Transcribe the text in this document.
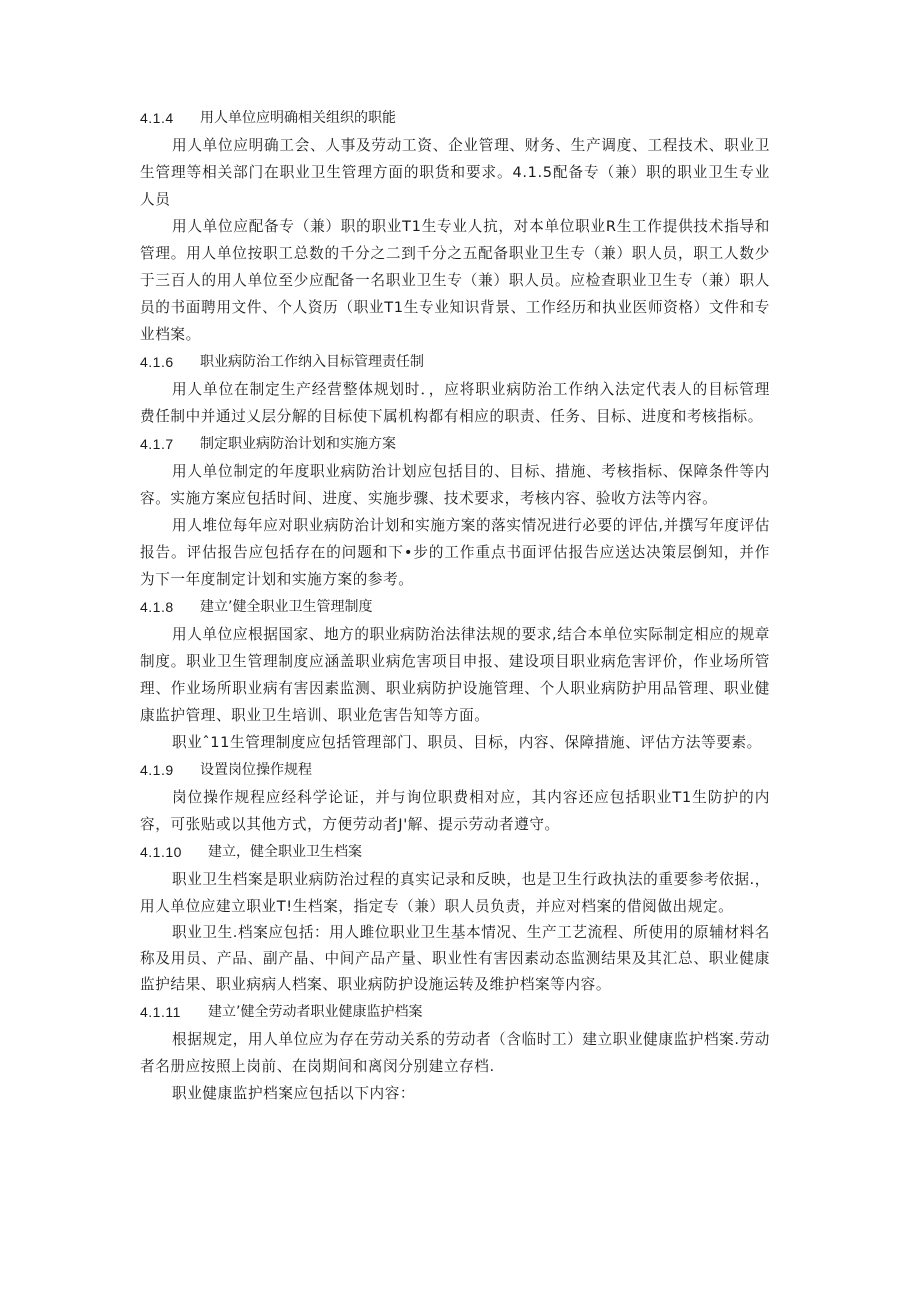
4.1.4	用人单位应明确相关组织的职能

用人单位应明确工会、人事及劳动工资、企业管理、财务、生产调度、工程技术、职业卫生管理等相关部门在职业卫生管理方面的职货和要求。4.1.5配备专（兼）职的职业卫生专业人员

用人单位应配备专（兼）职的职业T1生专业人抗，对本单位职业R生工作提供技术指导和管理。用人单位按职工总数的千分之二到千分之五配备职业卫生专（兼）职人员，职工人数少于三百人的用人单位至少应配备一名职业卫生专（兼）职人员。应检查职业卫生专（兼）职人员的书面聘用文件、个人资历（职业T1生专业知识背景、工作经历和执业医师资格）文件和专业档案。

4.1.6	职业病防治工作纳入目标管理责任制

用人单位在制定生产经营整体规划时．，应将职业病防治工作纳入法定代表人的目标管理费任制中并通过乂层分解的目标使下属机构都有相应的职责、任务、目标、进度和考核指标。

4.1.7	制定职业病防治计划和实施方案

用人单位制定的年度职业病防治计划应包括目的、目标、措施、考核指标、保障条件等内容。实施方案应包括时间、进度、实施步骤、技术要求，考核内容、验收方法等内容。

用人堆位每年应对职业病防治计划和实施方案的落实情况进行必要的评估,并撰写年度评估报告。评估报告应包括存在的问题和下•步的工作重点书面评估报告应送达决策层倒知，并作为下一年度制定计划和实施方案的参考。

4.1.8	建立’健全职业卫生管理制度

用人单位应根据国家、地方的职业病防治法律法规的要求,结合本单位实际制定相应的规章制度。职业卫生管理制度应涵盖职业病危害项目申报、建设项目职业病危害评价，作业场所管理、作业场所职业病有害因素监测、职业病防护设施管理、个人职业病防护用品管理、职业健康监护管理、职业卫生培训、职业危害告知等方面。

职业ˆ11生管理制度应包括管理部门、职员、目标，内容、保障措施、评估方法等要素。

4.1.9	设置岗位操作规程

岗位操作规程应经科学论证，并与询位职费相对应，其内容还应包括职业T1生防护的内容，可张贴或以其他方式，方便劳动者J'解、提示劳动者遵守。

4.1.10	建立，健全职业卫生档案

职业卫生档案是职业病防治过程的真实记录和反映，也是卫生行政执法的重要参考依据.，用人单位应建立职业T!生档案，指定专（兼）职人员负责，并应对档案的借阅做出规定。

职业卫生.档案应包括：用人雎位职业卫生基本情况、生产工艺流程、所使用的原辅材料名称及用员、产品、副产晶、中间产品产量、职业性有害因素动态监测结果及其汇总、职业健康监护结果、职业病病人档案、职业病防护设施运转及维护档案等内容。

4.1.11	建立’健全劳动者职业健康监护档案

根据规定，用人单位应为存在劳动关系的劳动者（含临时工）建立职业健康监护档案.劳动者名册应按照上岗前、在岗期间和离闵分别建立存档.

职业健康监护档案应包括以下内容：
